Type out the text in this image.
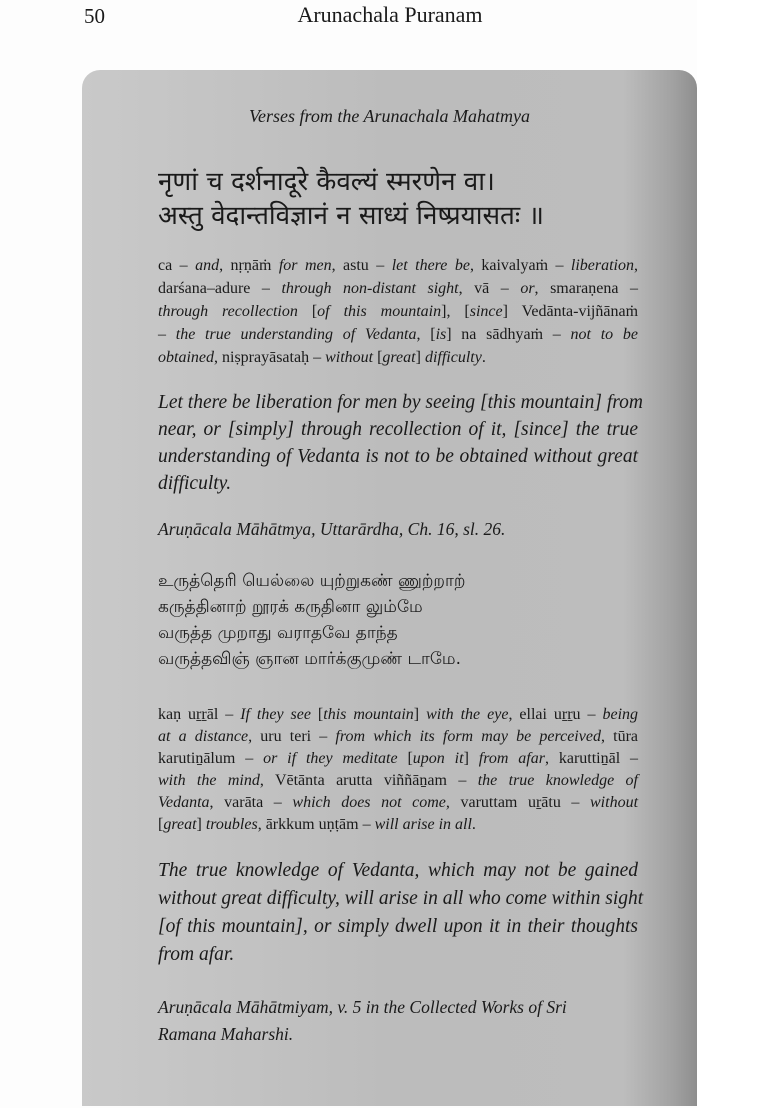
50	Arunachala Puranam
Verses from the Arunachala Mahatmya
नृणां च दर्शनादूरे कैवल्यं स्मरणेन वा।
अस्तु वेदान्तविज्ञानं न साध्यं निष्प्रयासतः ॥
ca – and, nṛṇāṁ for men, astu – let there be, kaivalyaṁ – liberation,
darśana–adure – through non-distant sight, vā – or, smaraṇena –
through recollection [of this mountain], [since] Vedānta-vijñānaṁ
– the true understanding of Vedanta, [is] na sādhyaṁ – not to be
obtained, niṣprayāsataḥ – without [great] difficulty.
Let there be liberation for men by seeing [this mountain] from
near, or [simply] through recollection of it, [since] the true
understanding of Vedanta is not to be obtained without great
difficulty.
Aruṇācala Māhātmya, Uttarārdha, Ch. 16, sl. 26.
உருத்தெரி யெல்லை யுற்றுகண் ணுற்றாற்
கருத்தினாற் றூரக் கருதினா லும்மே
வருத்த முறாது வராதவே தாந்த
வருத்தவிஞ் ஞான மார்க்குமுண் டாமே.
kaṇ uṟṟāl – If they see [this mountain] with the eye, ellai uṟṟu – being
at a distance, uru teri – from which its form may be perceived, tūra
karutiṉālum – or if they meditate [upon it] from afar, karuttiṉāl –
with the mind, Vētānta arutta viññāṉam – the true knowledge of
Vedanta, varāta – which does not come, varuttam uṟātu – without
[great] troubles, ārkkum uṇṭām – will arise in all.
The true knowledge of Vedanta, which may not be gained
without great difficulty, will arise in all who come within sight
[of this mountain], or simply dwell upon it in their thoughts
from afar.
Aruṇācala Māhātmiyam, v. 5 in the Collected Works of Sri
Ramana Maharshi.
